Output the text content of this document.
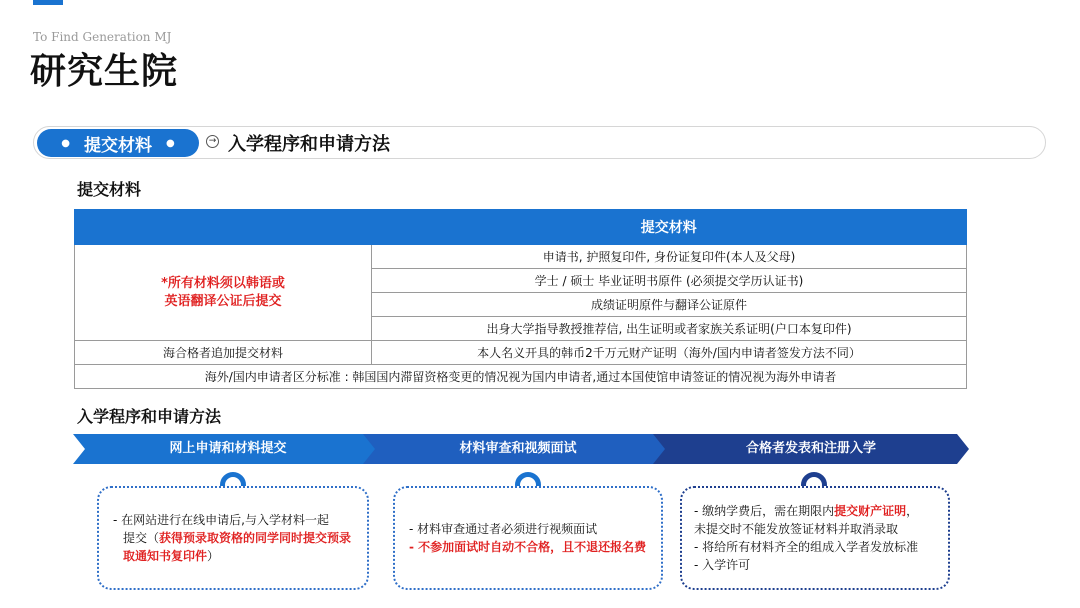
To Find Generation MJ
研究生院
● 提交材料 ●	→ 入学程序和申请方法
提交材料
	提交材料

*所有材料须以韩语或
英语翻译公证后提交	申请书, 护照复印件, 身份证复印件(本人及父母)
	学士 / 硕士 毕业证明书原件 (必须提交学历认证书)
	成绩证明原件与翻译公证原件
	出身大学指导教授推荐信, 出生证明或者家族关系证明(户口本复印件)
海合格者追加提交材料	本人名义开具的韩币2千万元财产证明（海外/国内申请者签发方法不同）
海外/国内申请者区分标准 : 韩国国内滞留资格变更的情况视为国内申请者,通过本国使馆申请签证的情况视为海外申请者	
入学程序和申请方法
网上申请和材料提交	材料审查和视频面试	合格者发表和注册入学
- 在网站进行在线申请后,与入学材料一起
提交（获得预录取资格的同学同时提交预录取通知书复印件）
- 材料审查通过者必须进行视频面试
- 不参加面试时自动不合格，且不退还报名费
- 缴纳学费后，需在期限内提交财产证明，
未提交时不能发放签证材料并取消录取
- 将给所有材料齐全的组成入学者发放标准
- 入学许可
